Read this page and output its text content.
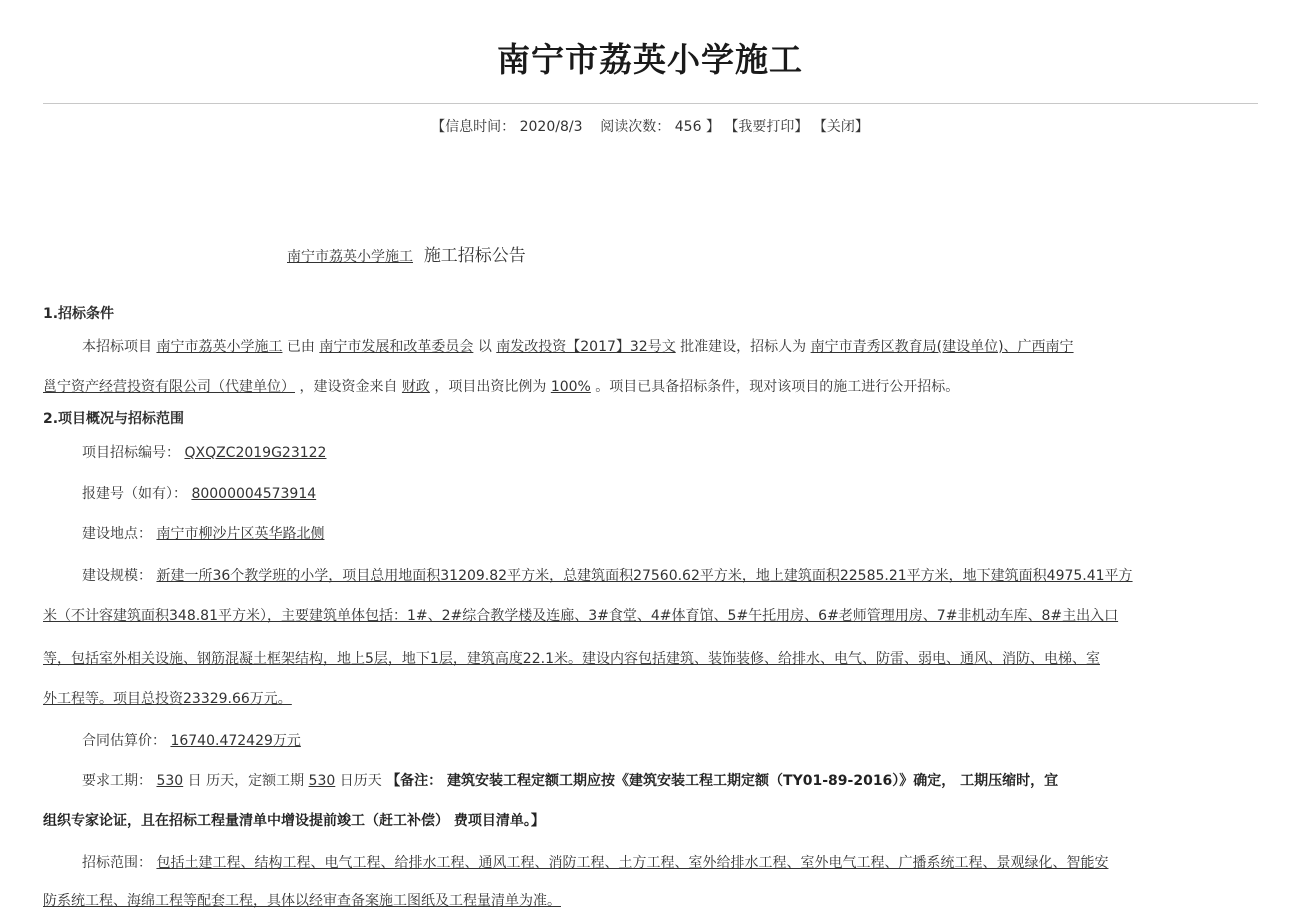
南宁市荔英小学施工
【信息时间： 2020/8/3 阅读次数： 456 】 【我要打印】 【关闭】
南宁市荔英小学施工 施工招标公告
1.招标条件
本招标项目 南宁市荔英小学施工 已由 南宁市发展和改革委员会 以 南发改投资【2017】32号文 批准建设，招标人为 南宁市青秀区教育局(建设单位)、广西南宁
邕宁资产经营投资有限公司（代建单位） ，建设资金来自 财政 ，项目出资比例为 100% 。项目已具备招标条件，现对该项目的施工进行公开招标。
2.项目概况与招标范围
项目招标编号： QXQZC2019G23122
报建号（如有）： 80000004573914
建设地点： 南宁市柳沙片区英华路北侧
建设规模： 新建一所36个教学班的小学，项目总用地面积31209.82平方米，总建筑面积27560.62平方米，地上建筑面积22585.21平方米，地下建筑面积4975.41平方
米（不计容建筑面积348.81平方米），主要建筑单体包括：1#、2#综合教学楼及连廊、3#食堂、4#体育馆、5#午托用房、6#老师管理用房、7#非机动车库、8#主出入口
等，包括室外相关设施、钢筋混凝土框架结构，地上5层，地下1层，建筑高度22.1米。建设内容包括建筑、装饰装修、给排水、电气、防雷、弱电、通风、消防、电梯、室
外工程等。项目总投资23329.66万元。
合同估算价： 16740.472429万元
要求工期： 530 日 历天，定额工期 530 日历天 【备注： 建筑安装工程定额工期应按《建筑安装工程工期定额（TY01-89-2016）》确定， 工期压缩时，宜
组织专家论证，且在招标工程量清单中增设提前竣工（赶工补偿） 费项目清单。】
招标范围： 包括土建工程、结构工程、电气工程、给排水工程、通风工程、消防工程、土方工程、室外给排水工程、室外电气工程、广播系统工程、景观绿化、智能安
防系统工程、海绵工程等配套工程，具体以经审查备案施工图纸及工程量清单为准。
